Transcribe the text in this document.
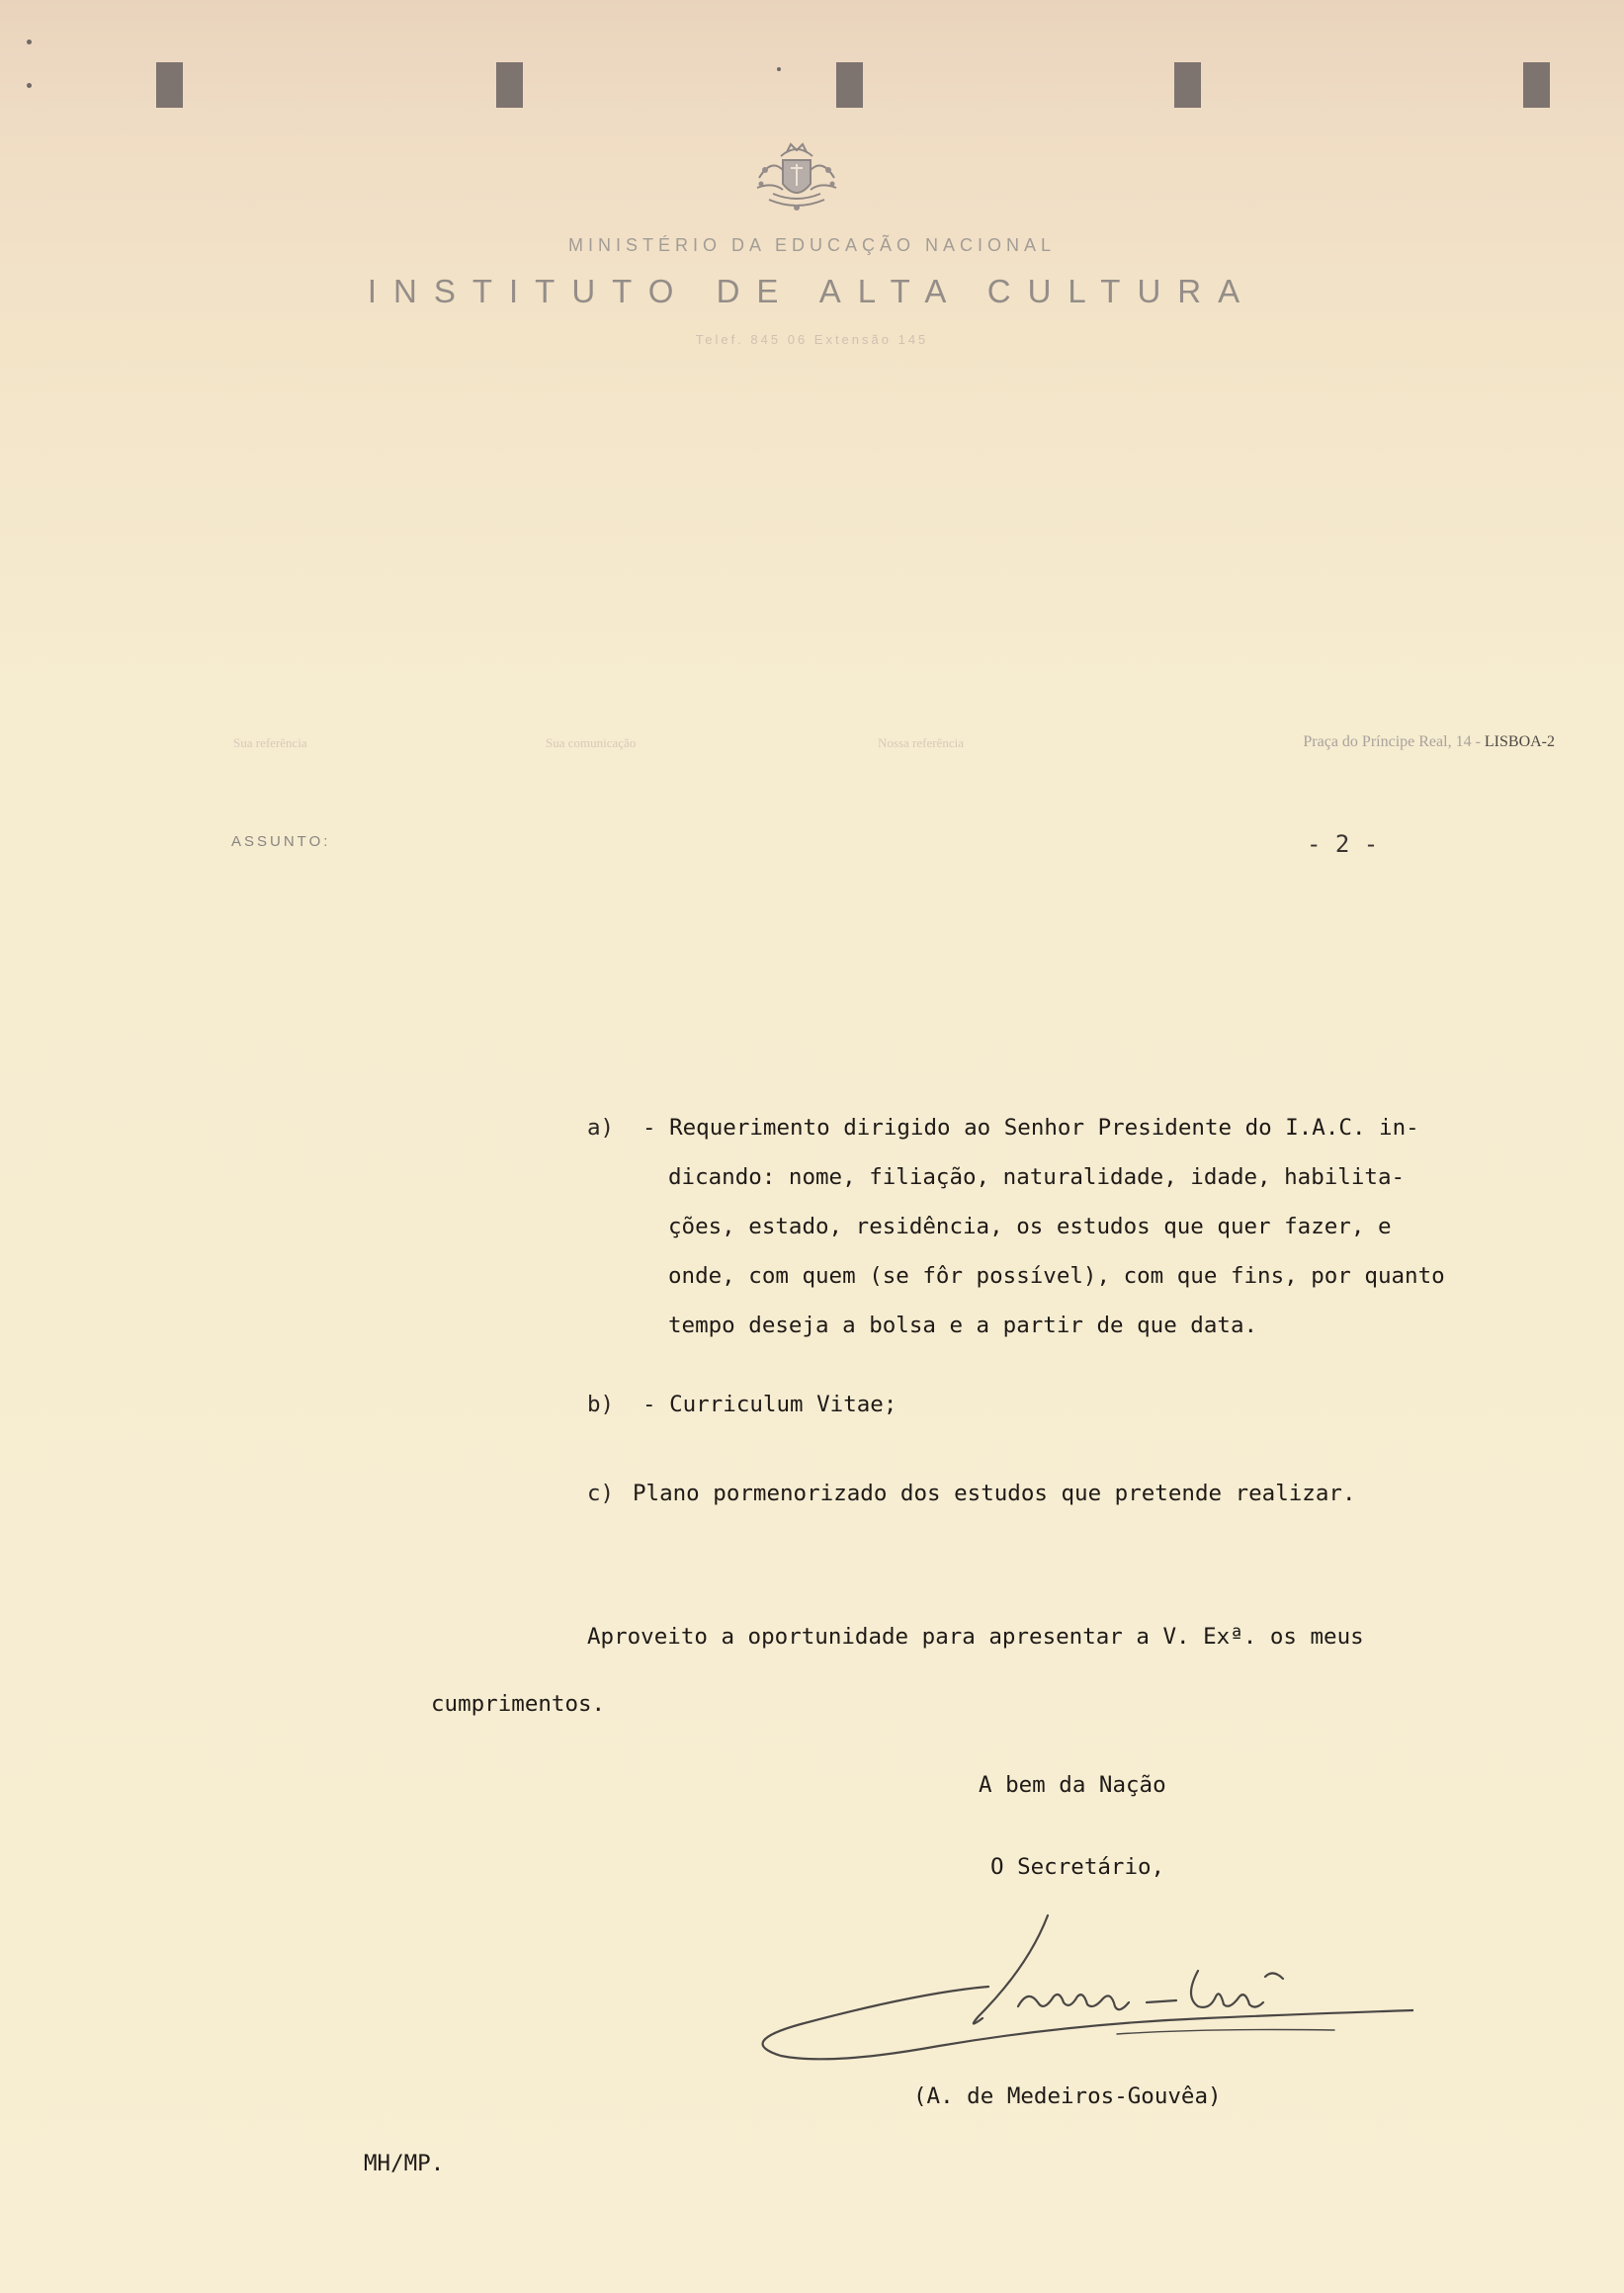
MINISTÉRIO DA EDUCAÇÃO NACIONAL
INSTITUTO DE ALTA CULTURA
Telef. 845 06 Extensão 145
Sua referência	Sua comunicação	Nossa referência	Praça do Príncipe Real, 14 - LISBOA-2
ASSUNTO:	- 2 -
a) - Requerimento dirigido ao Senhor Presidente do I.A.C. in-
dicando: nome, filiação, naturalidade, idade, habilita-
ções, estado, residência, os estudos que quer fazer, e
onde, com quem (se fôr possível), com que fins, por quanto
tempo deseja a bolsa e a partir de que data.
b) - Curriculum Vitae;
c) Plano pormenorizado dos estudos que pretende realizar.
Aproveito a oportunidade para apresentar a V. Exª. os meus
cumprimentos.
A bem da Nação
O Secretário,
(A. de Medeiros-Gouvêa)
MH/MP.
